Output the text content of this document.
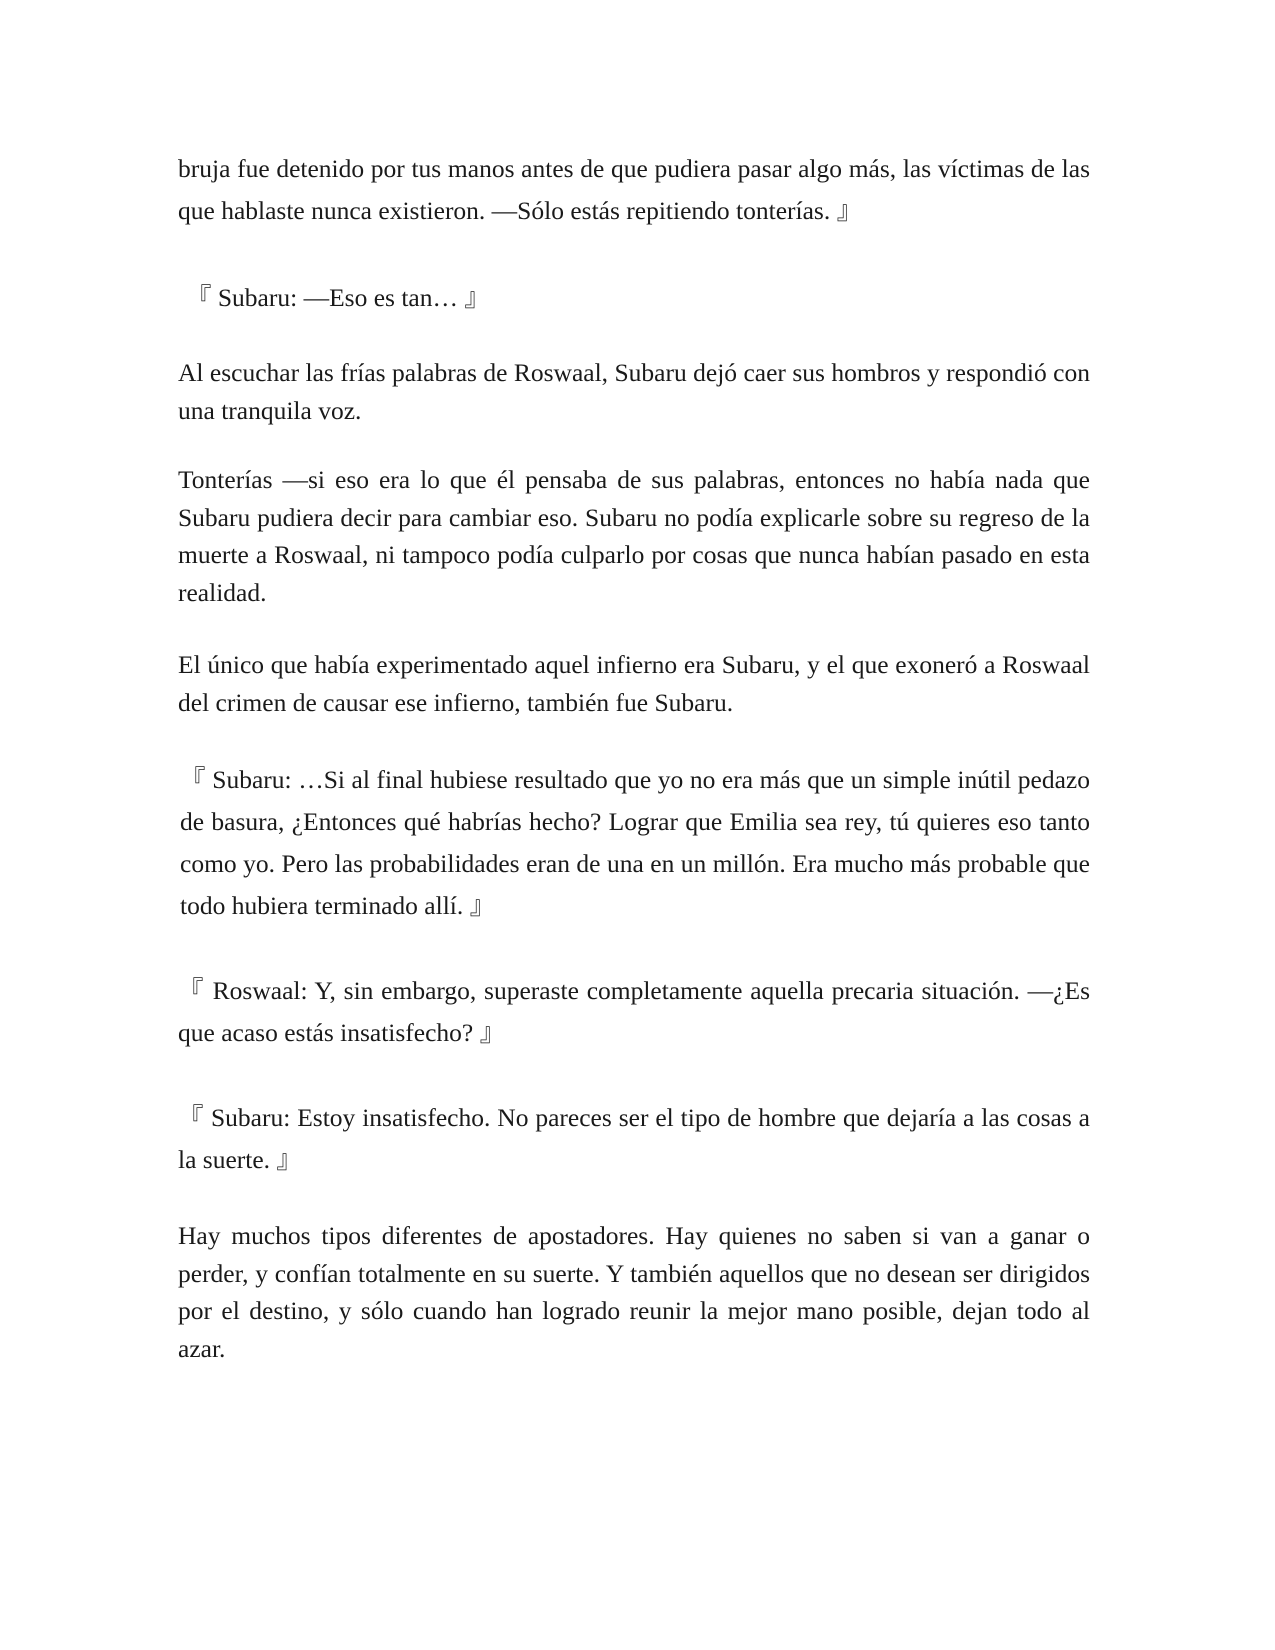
bruja fue detenido por tus manos antes de que pudiera pasar algo más, las víctimas de las que hablaste nunca existieron. —Sólo estás repitiendo tonterías. 』

『 Subaru: —Eso es tan… 』

Al escuchar las frías palabras de Roswaal, Subaru dejó caer sus hombros y respondió con una tranquila voz.

Tonterías —si eso era lo que él pensaba de sus palabras, entonces no había nada que Subaru pudiera decir para cambiar eso. Subaru no podía explicarle sobre su regreso de la muerte a Roswaal, ni tampoco podía culparlo por cosas que nunca habían pasado en esta realidad.

El único que había experimentado aquel infierno era Subaru, y el que exoneró a Roswaal del crimen de causar ese infierno, también fue Subaru.

『 Subaru: …Si al final hubiese resultado que yo no era más que un simple inútil pedazo de basura, ¿Entonces qué habrías hecho? Lograr que Emilia sea rey, tú quieres eso tanto como yo. Pero las probabilidades eran de una en un millón. Era mucho más probable que todo hubiera terminado allí. 』

『 Roswaal: Y, sin embargo, superaste completamente aquella precaria situación. —¿Es que acaso estás insatisfecho? 』

『 Subaru: Estoy insatisfecho. No pareces ser el tipo de hombre que dejaría a las cosas a la suerte. 』

Hay muchos tipos diferentes de apostadores. Hay quienes no saben si van a ganar o perder, y confían totalmente en su suerte. Y también aquellos que no desean ser dirigidos por el destino, y sólo cuando han logrado reunir la mejor mano posible, dejan todo al azar.
